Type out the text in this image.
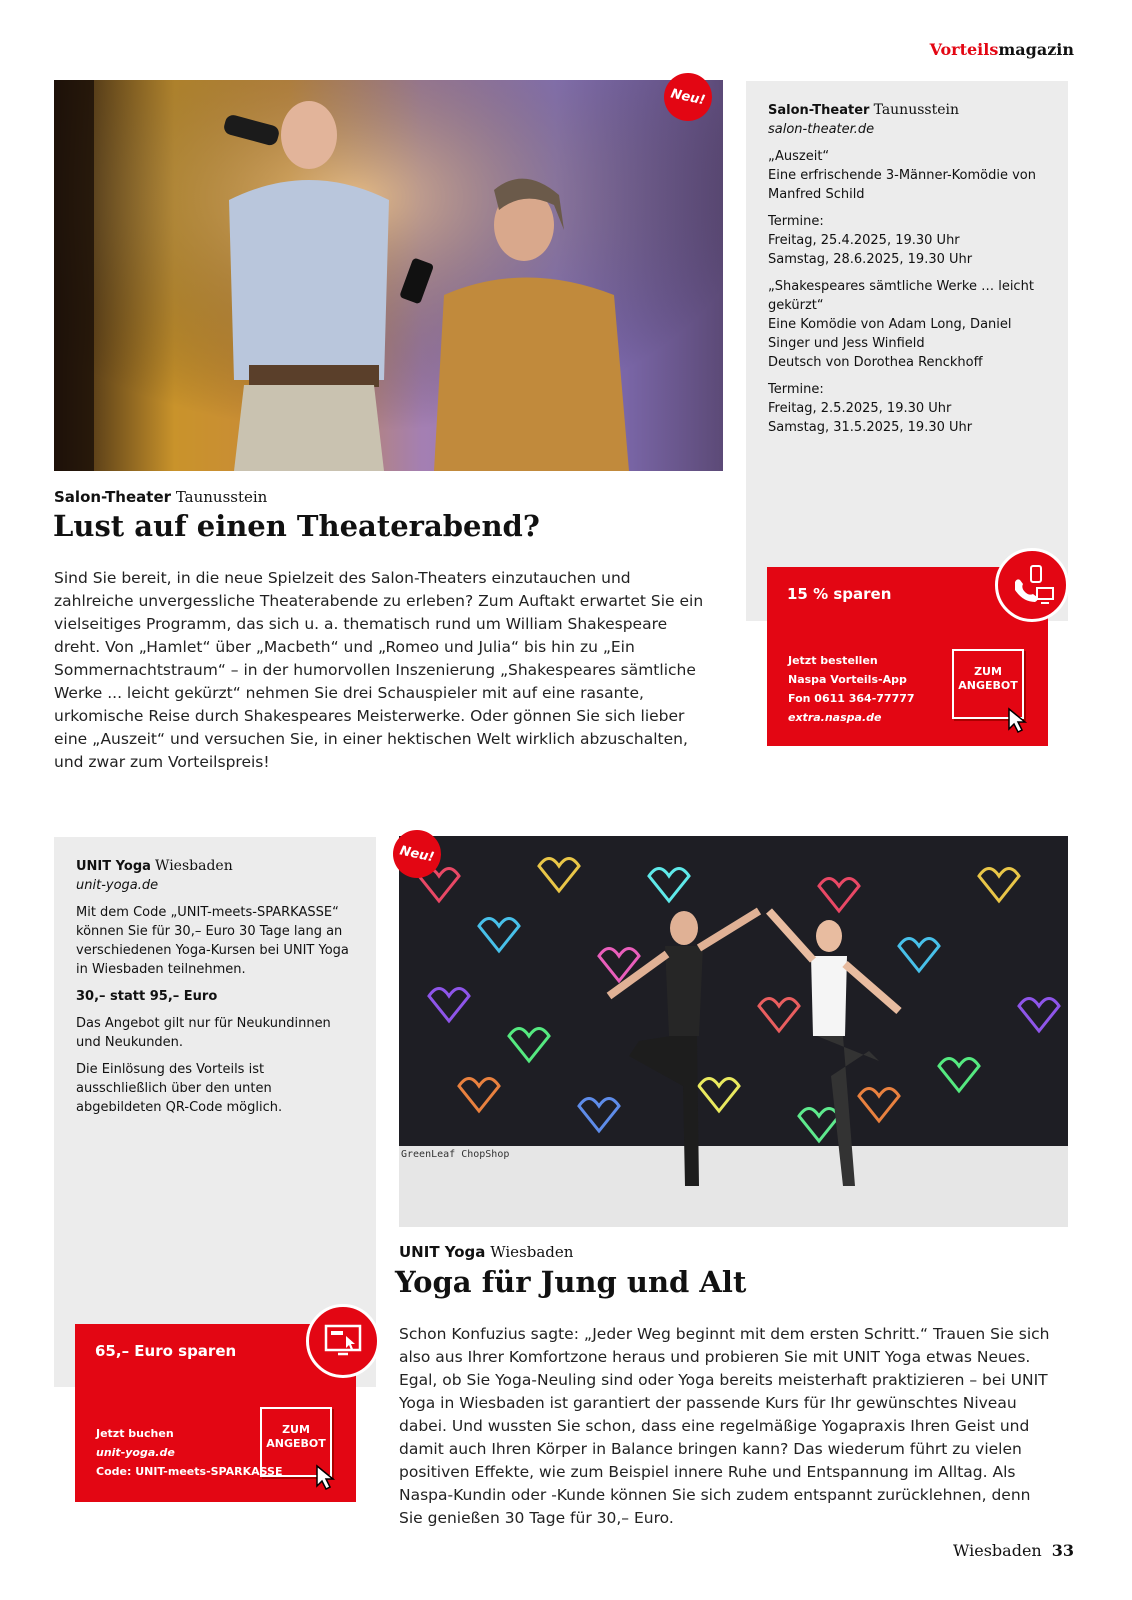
Vorteilsmagazin
Neu!

Salon-Theater Taunusstein

salon-theater.de

„Auszeit“

Eine erfrischende 3-Männer-Komödie von Manfred Schild

Termine:

Freitag, 25.4.2025, 19.30 Uhr

Samstag, 28.6.2025, 19.30 Uhr

„Shakespeares sämtliche Werke … leicht gekürzt“

Eine Komödie von Adam Long, Daniel Singer und Jess Winfield

Deutsch von Dorothea Renckhoff

Termine:

Freitag, 2.5.2025, 19.30 Uhr

Samstag, 31.5.2025, 19.30 Uhr

15 % sparen
Jetzt bestellen
Naspa Vorteils-App
Fon 0611 364-77777
extra.naspa.de
ZUM ANGEBOT
Salon-Theater Taunusstein
Lust auf einen Theaterabend?
Sind Sie bereit, in die neue Spielzeit des Salon-Theaters einzutauchen und zahlreiche unvergessliche Theaterabende zu erleben? Zum Auftakt erwartet Sie ein vielseitiges Programm, das sich u. a. thematisch rund um William Shakespeare dreht. Von „Hamlet“ über „Macbeth“ und „Romeo und Julia“ bis hin zu „Ein Sommernachtstraum“ – in der humorvollen Inszenierung „Shakespeares sämtliche Werke ... leicht gekürzt“ nehmen Sie drei Schauspieler mit auf eine rasante, urkomische Reise durch Shakespeares Meisterwerke. Oder gönnen Sie sich lieber eine „Auszeit“ und versuchen Sie, in einer hektischen Welt wirklich abzuschalten, und zwar zum Vorteilspreis!

UNIT Yoga Wiesbaden

unit-yoga.de

Mit dem Code „UNIT-meets-SPARKASSE“ können Sie für 30,– Euro 30 Tage lang an verschiedenen Yoga-Kursen bei UNIT Yoga in Wiesbaden teilnehmen.

30,– statt 95,– Euro

Das Angebot gilt nur für Neukundinnen und Neukunden.

Die Einlösung des Vorteils ist ausschließlich über den unten abgebildeten QR-Code möglich.

GreenLeaf ChopShop
Neu!
65,– Euro sparen
Jetzt buchen
unit-yoga.de
Code: UNIT-meets-SPARKASSE
ZUM ANGEBOT
UNIT Yoga Wiesbaden
Yoga für Jung und Alt
Schon Konfuzius sagte: „Jeder Weg beginnt mit dem ersten Schritt.“ Trauen Sie sich also aus Ihrer Komfortzone heraus und probieren Sie mit UNIT Yoga etwas Neues. Egal, ob Sie Yoga-Neuling sind oder Yoga bereits meisterhaft praktizieren – bei UNIT Yoga in Wiesbaden ist garantiert der passende Kurs für Ihr gewünschtes Niveau dabei. Und wussten Sie schon, dass eine regelmäßige Yogapraxis Ihren Geist und damit auch Ihren Körper in Balance bringen kann? Das wiederum führt zu vielen positiven Effekte, wie zum Beispiel innere Ruhe und Entspannung im Alltag. Als Naspa-Kundin oder -Kunde können Sie sich zudem entspannt zurücklehnen, denn Sie genießen 30 Tage für 30,– Euro.
Wiesbaden 33
